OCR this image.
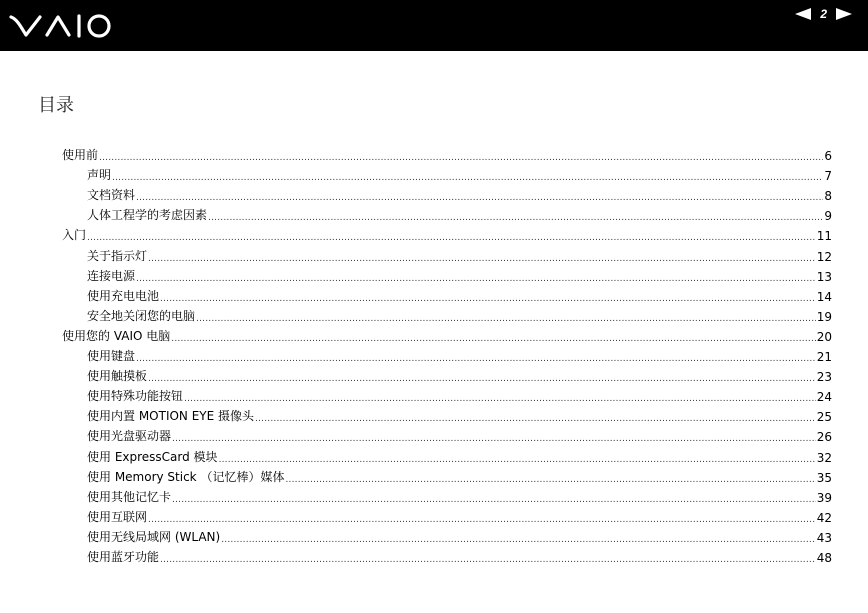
2
目录
使用前 .....	6
声明 .....	7
文档资料 .....	8
人体工程学的考虑因素 .....	9
入门 .....	11
关于指示灯 .....	12
连接电源 .....	13
使用充电电池 .....	14
安全地关闭您的电脑 .....	19
使用您的 VAIO 电脑 .....	20
使用键盘 .....	21
使用触摸板 .....	23
使用特殊功能按钮 .....	24
使用内置 MOTION EYE 摄像头 .....	25
使用光盘驱动器 .....	26
使用 ExpressCard 模块 .....	32
使用 Memory Stick （记忆棒）媒体 .....	35
使用其他记忆卡 .....	39
使用互联网 .....	42
使用无线局域网 (WLAN) .....	43
使用蓝牙功能 .....	48
